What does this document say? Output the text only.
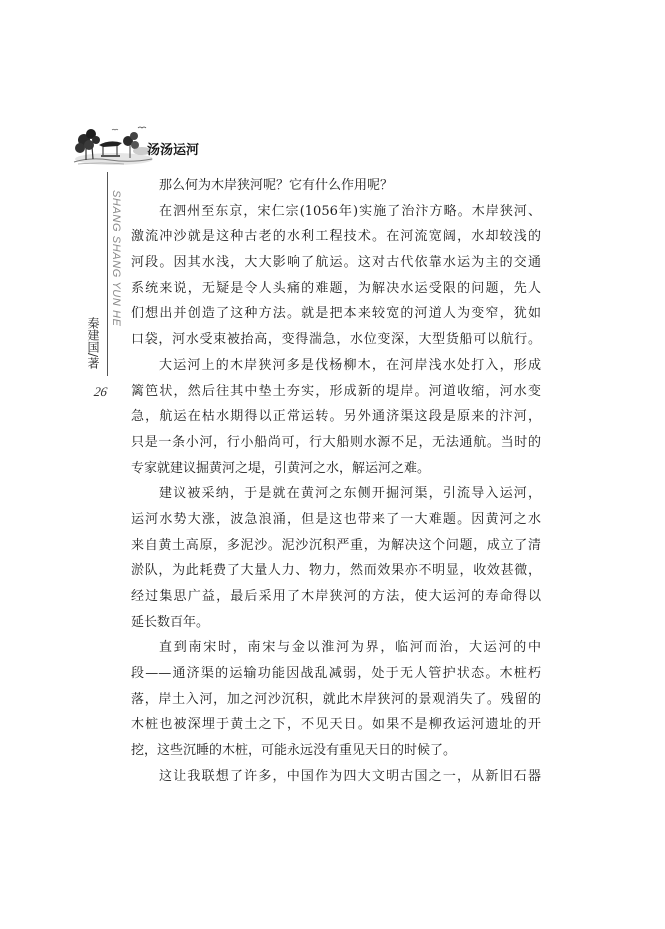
汤汤运河
SHANG SHANG YUN HE
秦建国/著
26
那么何为木岸狭河呢？它有什么作用呢？
在泗州至东京，宋仁宗(1056年)实施了治汴方略。木岸狭河、
激流冲沙就是这种古老的水利工程技术。在河流宽阔，水却较浅的
河段。因其水浅，大大影响了航运。这对古代依靠水运为主的交通
系统来说，无疑是令人头痛的难题，为解决水运受限的问题，先人
们想出并创造了这种方法。就是把本来较宽的河道人为变窄，犹如
口袋，河水受束被抬高，变得湍急，水位变深，大型货船可以航行。
大运河上的木岸狭河多是伐杨柳木，在河岸浅水处打入，形成
篱笆状，然后往其中垫土夯实，形成新的堤岸。河道收缩，河水变
急，航运在枯水期得以正常运转。另外通济渠这段是原来的汴河，
只是一条小河，行小船尚可，行大船则水源不足，无法通航。当时的
专家就建议掘黄河之堤，引黄河之水，解运河之难。
建议被采纳，于是就在黄河之东侧开掘河渠，引流导入运河，
运河水势大涨，波急浪涌，但是这也带来了一大难题。因黄河之水
来自黄土高原，多泥沙。泥沙沉积严重，为解决这个问题，成立了清
淤队，为此耗费了大量人力、物力，然而效果亦不明显，收效甚微，
经过集思广益，最后采用了木岸狭河的方法，使大运河的寿命得以
延长数百年。
直到南宋时，南宋与金以淮河为界，临河而治，大运河的中
段——通济渠的运输功能因战乱减弱，处于无人管护状态。木桩朽
落，岸土入河，加之河沙沉积，就此木岸狭河的景观消失了。残留的
木桩也被深埋于黄土之下，不见天日。如果不是柳孜运河遗址的开
挖，这些沉睡的木桩，可能永远没有重见天日的时候了。
这让我联想了许多，中国作为四大文明古国之一，从新旧石器
